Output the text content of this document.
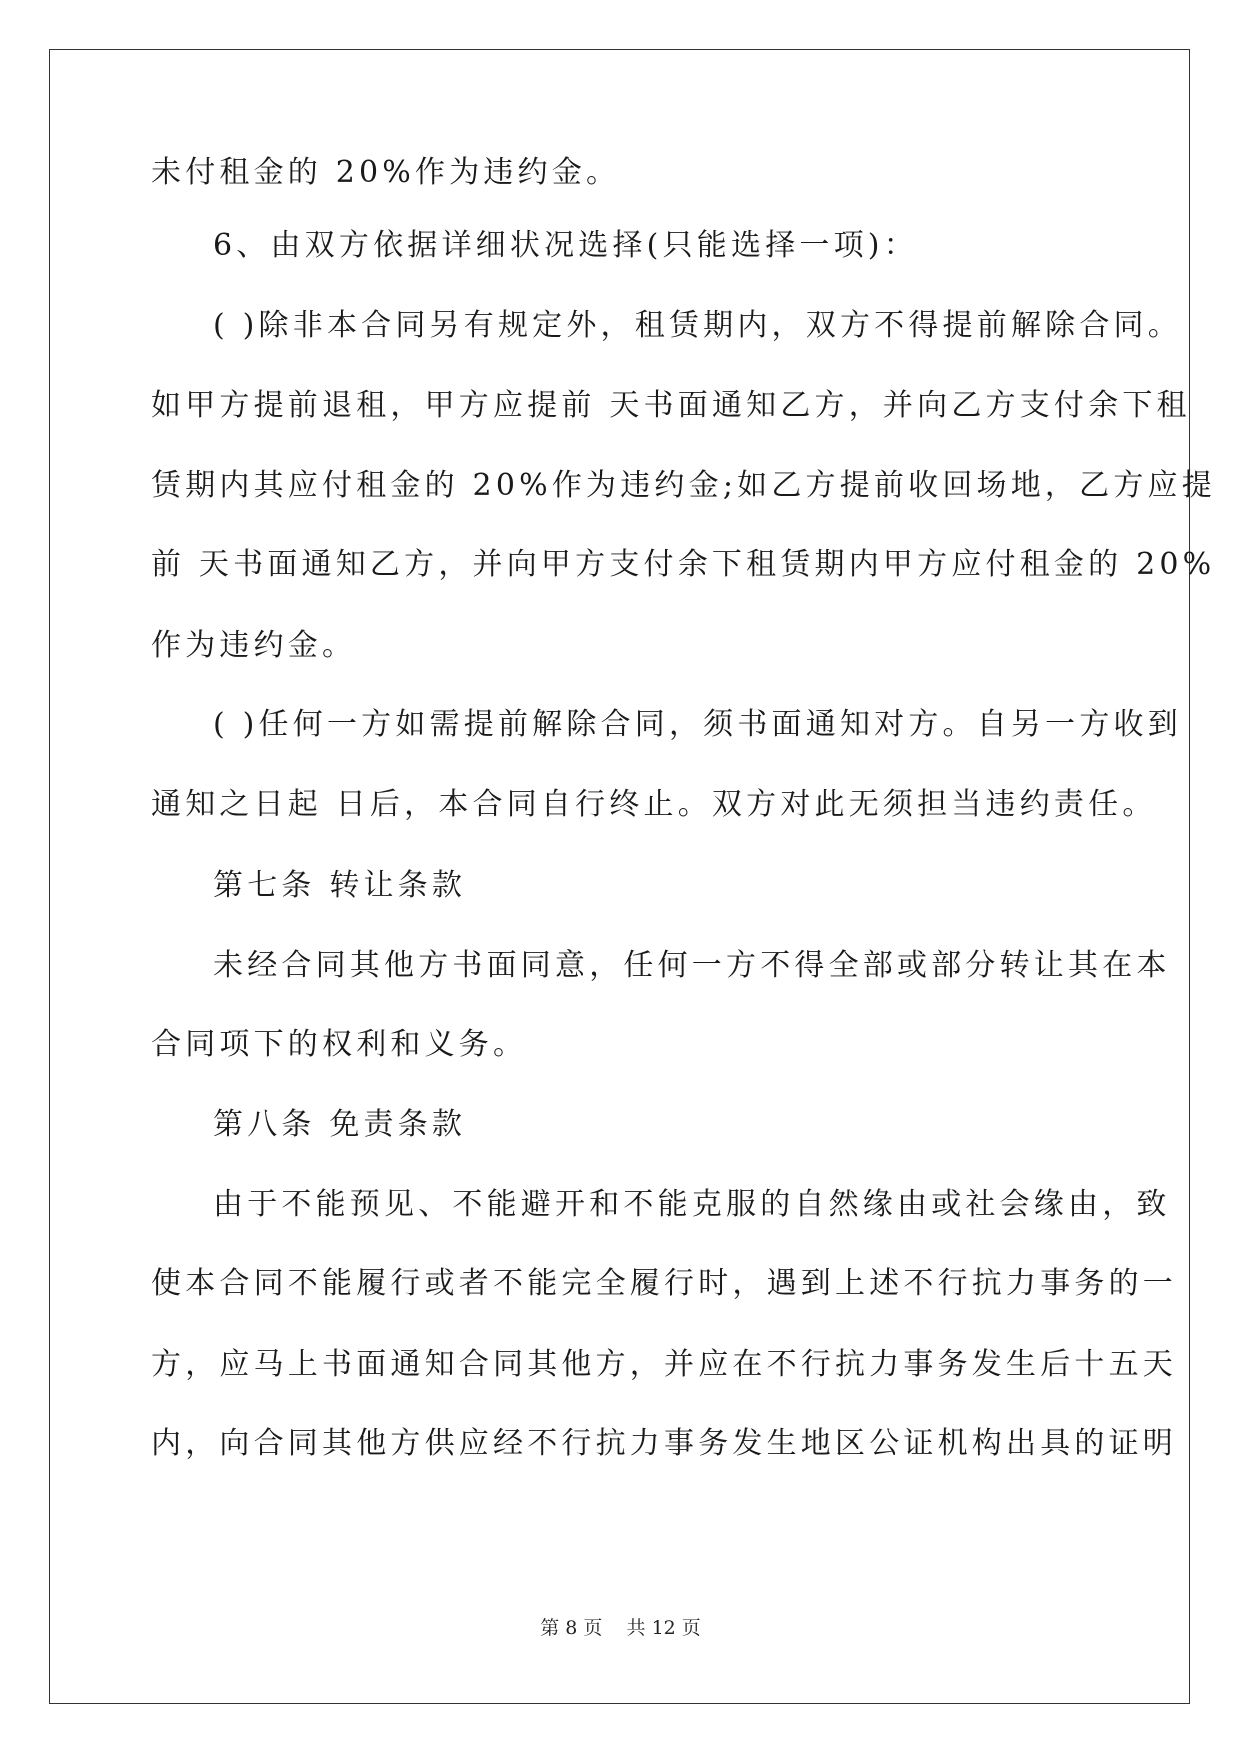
未付租金的 20%作为违约金。

6、由双方依据详细状况选择(只能选择一项)：

( )除非本合同另有规定外，租赁期内，双方不得提前解除合同。

如甲方提前退租，甲方应提前 天书面通知乙方，并向乙方支付余下租

赁期内其应付租金的 20%作为违约金;如乙方提前收回场地，乙方应提

前 天书面通知乙方，并向甲方支付余下租赁期内甲方应付租金的 20%

作为违约金。

( )任何一方如需提前解除合同，须书面通知对方。自另一方收到

通知之日起 日后，本合同自行终止。双方对此无须担当违约责任。

第七条 转让条款

未经合同其他方书面同意，任何一方不得全部或部分转让其在本

合同项下的权利和义务。

第八条 免责条款

由于不能预见、不能避开和不能克服的自然缘由或社会缘由，致

使本合同不能履行或者不能完全履行时，遇到上述不行抗力事务的一

方，应马上书面通知合同其他方，并应在不行抗力事务发生后十五天

内，向合同其他方供应经不行抗力事务发生地区公证机构出具的证明

第 8 页    共 12 页
